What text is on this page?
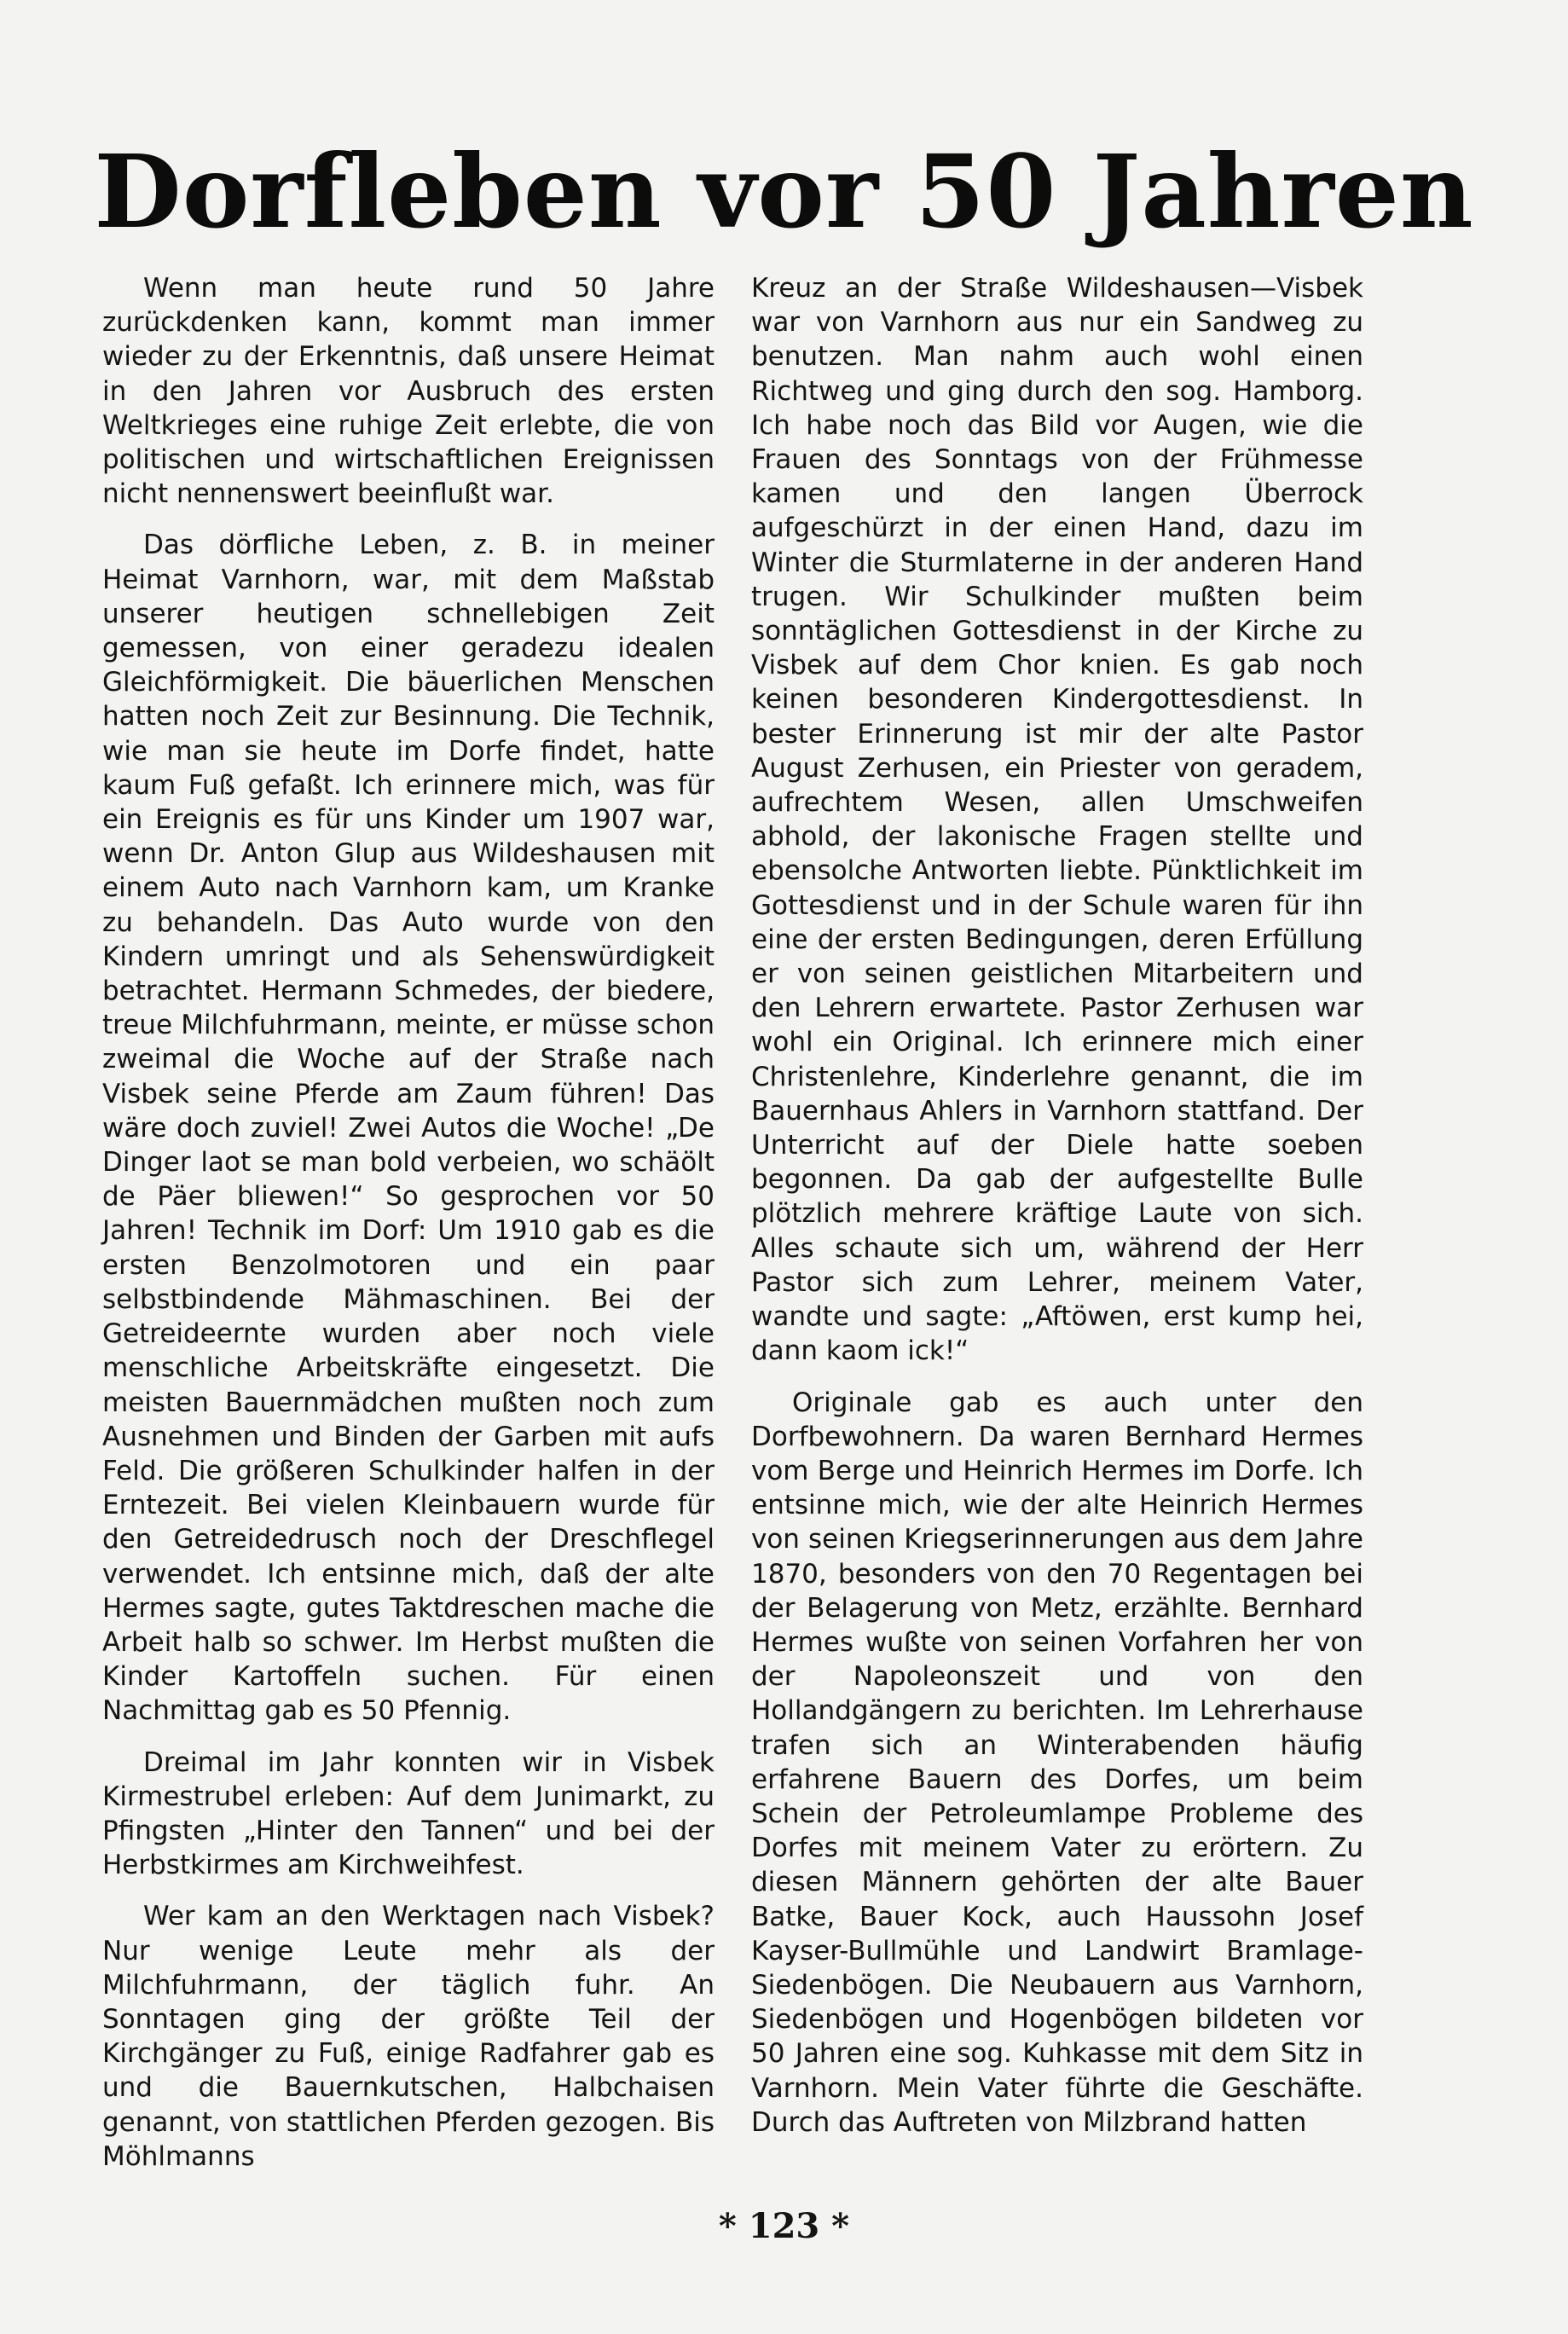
Dorfleben vor 50 Jahren

Wenn man heute rund 50 Jahre zurückdenken kann, kommt man immer wieder zu der Erkenntnis, daß unsere Heimat in den Jahren vor Ausbruch des ersten Weltkrieges eine ruhige Zeit erlebte, die von politischen und wirtschaftlichen Ereignissen nicht nennenswert beeinflußt war.

Das dörfliche Leben, z. B. in meiner Heimat Varnhorn, war, mit dem Maßstab unserer heutigen schnellebigen Zeit gemessen, von einer geradezu idealen Gleichförmigkeit. Die bäuerlichen Menschen hatten noch Zeit zur Besinnung. Die Technik, wie man sie heute im Dorfe findet, hatte kaum Fuß gefaßt. Ich erinnere mich, was für ein Ereignis es für uns Kinder um 1907 war, wenn Dr. Anton Glup aus Wildeshausen mit einem Auto nach Varnhorn kam, um Kranke zu behandeln. Das Auto wurde von den Kindern umringt und als Sehenswürdigkeit betrachtet. Hermann Schmedes, der biedere, treue Milchfuhrmann, meinte, er müsse schon zweimal die Woche auf der Straße nach Visbek seine Pferde am Zaum führen! Das wäre doch zuviel! Zwei Autos die Woche! „De Dinger laot se man bold verbeien, wo schäölt de Päer bliewen!“ So gesprochen vor 50 Jahren! Technik im Dorf: Um 1910 gab es die ersten Benzolmotoren und ein paar selbstbindende Mähmaschinen. Bei der Getreideernte wurden aber noch viele menschliche Arbeitskräfte eingesetzt. Die meisten Bauernmädchen mußten noch zum Ausnehmen und Binden der Garben mit aufs Feld. Die größeren Schulkinder halfen in der Erntezeit. Bei vielen Kleinbauern wurde für den Getreidedrusch noch der Dreschflegel verwendet. Ich entsinne mich, daß der alte Hermes sagte, gutes Taktdreschen mache die Arbeit halb so schwer. Im Herbst mußten die Kinder Kartoffeln suchen. Für einen Nachmittag gab es 50 Pfennig.

Dreimal im Jahr konnten wir in Visbek Kirmestrubel erleben: Auf dem Junimarkt, zu Pfingsten „Hinter den Tannen“ und bei der Herbstkirmes am Kirchweihfest.

Wer kam an den Werktagen nach Visbek? Nur wenige Leute mehr als der Milchfuhrmann, der täglich fuhr. An Sonntagen ging der größte Teil der Kirchgänger zu Fuß, einige Radfahrer gab es und die Bauernkutschen, Halbchaisen genannt, von stattlichen Pferden gezogen. Bis Möhlmanns

Kreuz an der Straße Wildeshausen—Visbek war von Varnhorn aus nur ein Sandweg zu benutzen. Man nahm auch wohl einen Richtweg und ging durch den sog. Hamborg. Ich habe noch das Bild vor Augen, wie die Frauen des Sonntags von der Frühmesse kamen und den langen Überrock aufgeschürzt in der einen Hand, dazu im Winter die Sturmlaterne in der anderen Hand trugen. Wir Schulkinder mußten beim sonntäglichen Gottesdienst in der Kirche zu Visbek auf dem Chor knien. Es gab noch keinen besonderen Kindergottesdienst. In bester Erinnerung ist mir der alte Pastor August Zerhusen, ein Priester von geradem, aufrechtem Wesen, allen Umschweifen abhold, der lakonische Fragen stellte und ebensolche Antworten liebte. Pünktlichkeit im Gottesdienst und in der Schule waren für ihn eine der ersten Bedingungen, deren Erfüllung er von seinen geistlichen Mitarbeitern und den Lehrern erwartete. Pastor Zerhusen war wohl ein Original. Ich erinnere mich einer Christenlehre, Kinderlehre genannt, die im Bauernhaus Ahlers in Varnhorn stattfand. Der Unterricht auf der Diele hatte soeben begonnen. Da gab der aufgestellte Bulle plötzlich mehrere kräftige Laute von sich. Alles schaute sich um, während der Herr Pastor sich zum Lehrer, meinem Vater, wandte und sagte: „Aftöwen, erst kump hei, dann kaom ick!“

Originale gab es auch unter den Dorfbewohnern. Da waren Bernhard Hermes vom Berge und Heinrich Hermes im Dorfe. Ich entsinne mich, wie der alte Heinrich Hermes von seinen Kriegserinnerungen aus dem Jahre 1870, besonders von den 70 Regentagen bei der Belagerung von Metz, erzählte. Bernhard Hermes wußte von seinen Vorfahren her von der Napoleonszeit und von den Hollandgängern zu berichten. Im Lehrerhause trafen sich an Winterabenden häufig erfahrene Bauern des Dorfes, um beim Schein der Petroleumlampe Probleme des Dorfes mit meinem Vater zu erörtern. Zu diesen Männern gehörten der alte Bauer Batke, Bauer Kock, auch Haussohn Josef Kayser-Bullmühle und Landwirt Bramlage-Siedenbögen. Die Neubauern aus Varnhorn, Siedenbögen und Hogenbögen bildeten vor 50 Jahren eine sog. Kuhkasse mit dem Sitz in Varnhorn. Mein Vater führte die Geschäfte. Durch das Auftreten von Milzbrand hatten

* 123 *
